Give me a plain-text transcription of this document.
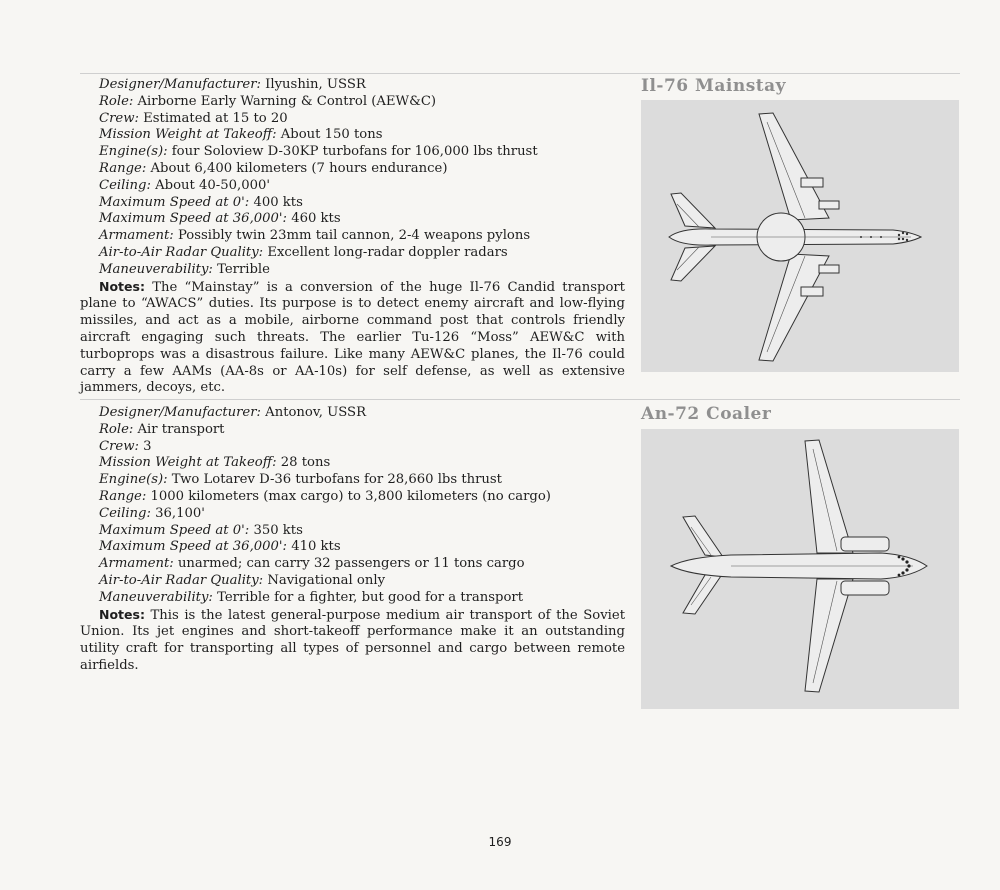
Designer/Manufacturer: Ilyushin, USSR

Role: Airborne Early Warning & Control (AEW&C)

Crew: Estimated at 15 to 20

Mission Weight at Takeoff: About 150 tons

Engine(s): four Soloview D-30KP turbofans for 106,000 lbs thrust

Range: About 6,400 kilometers (7 hours endurance)

Ceiling: About 40-50,000'

Maximum Speed at 0': 400 kts

Maximum Speed at 36,000': 460 kts

Armament: Possibly twin 23mm tail cannon, 2-4 weapons pylons

Air-to-Air Radar Quality: Excellent long-radar doppler radars

Maneuverability: Terrible

Notes: The “Mainstay” is a conversion of the huge Il-76 Candid transport plane to “AWACS” duties. Its purpose is to detect enemy aircraft and low-flying missiles, and act as a mobile, airborne command post that controls friendly aircraft engaging such threats. The earlier Tu-126 “Moss” AEW&C with turboprops was a disastrous failure. Like many AEW&C planes, the Il-76 could carry a few AAMs (AA-8s or AA-10s) for self defense, as well as extensive jammers, decoys, etc.

Il-76 Mainstay

Designer/Manufacturer: Antonov, USSR

Role: Air transport

Crew: 3

Mission Weight at Takeoff: 28 tons

Engine(s): Two Lotarev D-36 turbofans for 28,660 lbs thrust

Range: 1000 kilometers (max cargo) to 3,800 kilometers (no cargo)

Ceiling: 36,100'

Maximum Speed at 0': 350 kts

Maximum Speed at 36,000': 410 kts

Armament: unarmed; can carry 32 passengers or 11 tons cargo

Air-to-Air Radar Quality: Navigational only

Maneuverability: Terrible for a fighter, but good for a transport

Notes: This is the latest general-purpose medium air transport of the Soviet Union. Its jet engines and short-takeoff performance make it an outstanding utility craft for transporting all types of personnel and cargo between remote airfields.

An-72 Coaler
169
